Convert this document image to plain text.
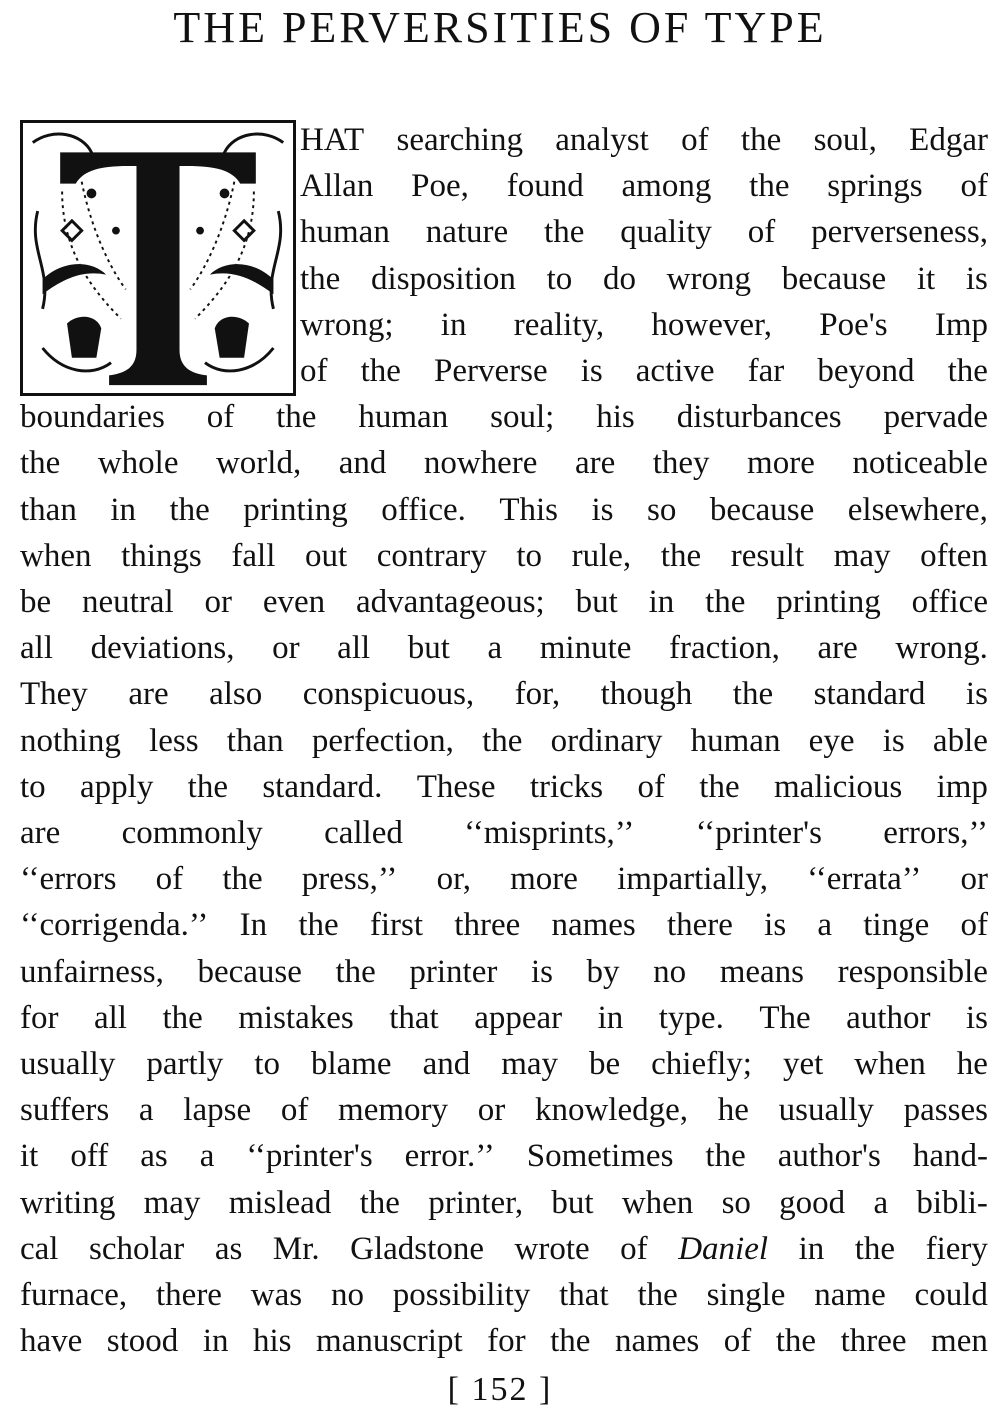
THE PERVERSITIES OF TYPE
HAT searching analyst of the soul, Edgar
Allan Poe, found among the springs of
human nature the quality of perverseness,
the disposition to do wrong because it is
wrong; in reality, however, Poe's Imp
of the Perverse is active far beyond the
boundaries of the human soul; his disturbances pervade
the whole world, and nowhere are they more noticeable
than in the printing office. This is so because elsewhere,
when things fall out contrary to rule, the result may often
be neutral or even advantageous; but in the printing office
all deviations, or all but a minute fraction, are wrong.
They are also conspicuous, for, though the standard is
nothing less than perfection, the ordinary human eye is able
to apply the standard. These tricks of the malicious imp
are commonly called ‘‘misprints,’’ ‘‘printer's errors,’’
‘‘errors of the press,’’ or, more impartially, ‘‘errata’’ or
‘‘corrigenda.’’ In the first three names there is a tinge of
unfairness, because the printer is by no means responsible
for all the mistakes that appear in type. The author is
usually partly to blame and may be chiefly; yet when he
suffers a lapse of memory or knowledge, he usually passes
it off as a ‘‘printer's error.’’ Sometimes the author's hand-
writing may mislead the printer, but when so good a bibli-
cal scholar as Mr. Gladstone wrote of Daniel in the fiery
furnace, there was no possibility that the single name could
have stood in his manuscript for the names of the three men
[ 152 ]
